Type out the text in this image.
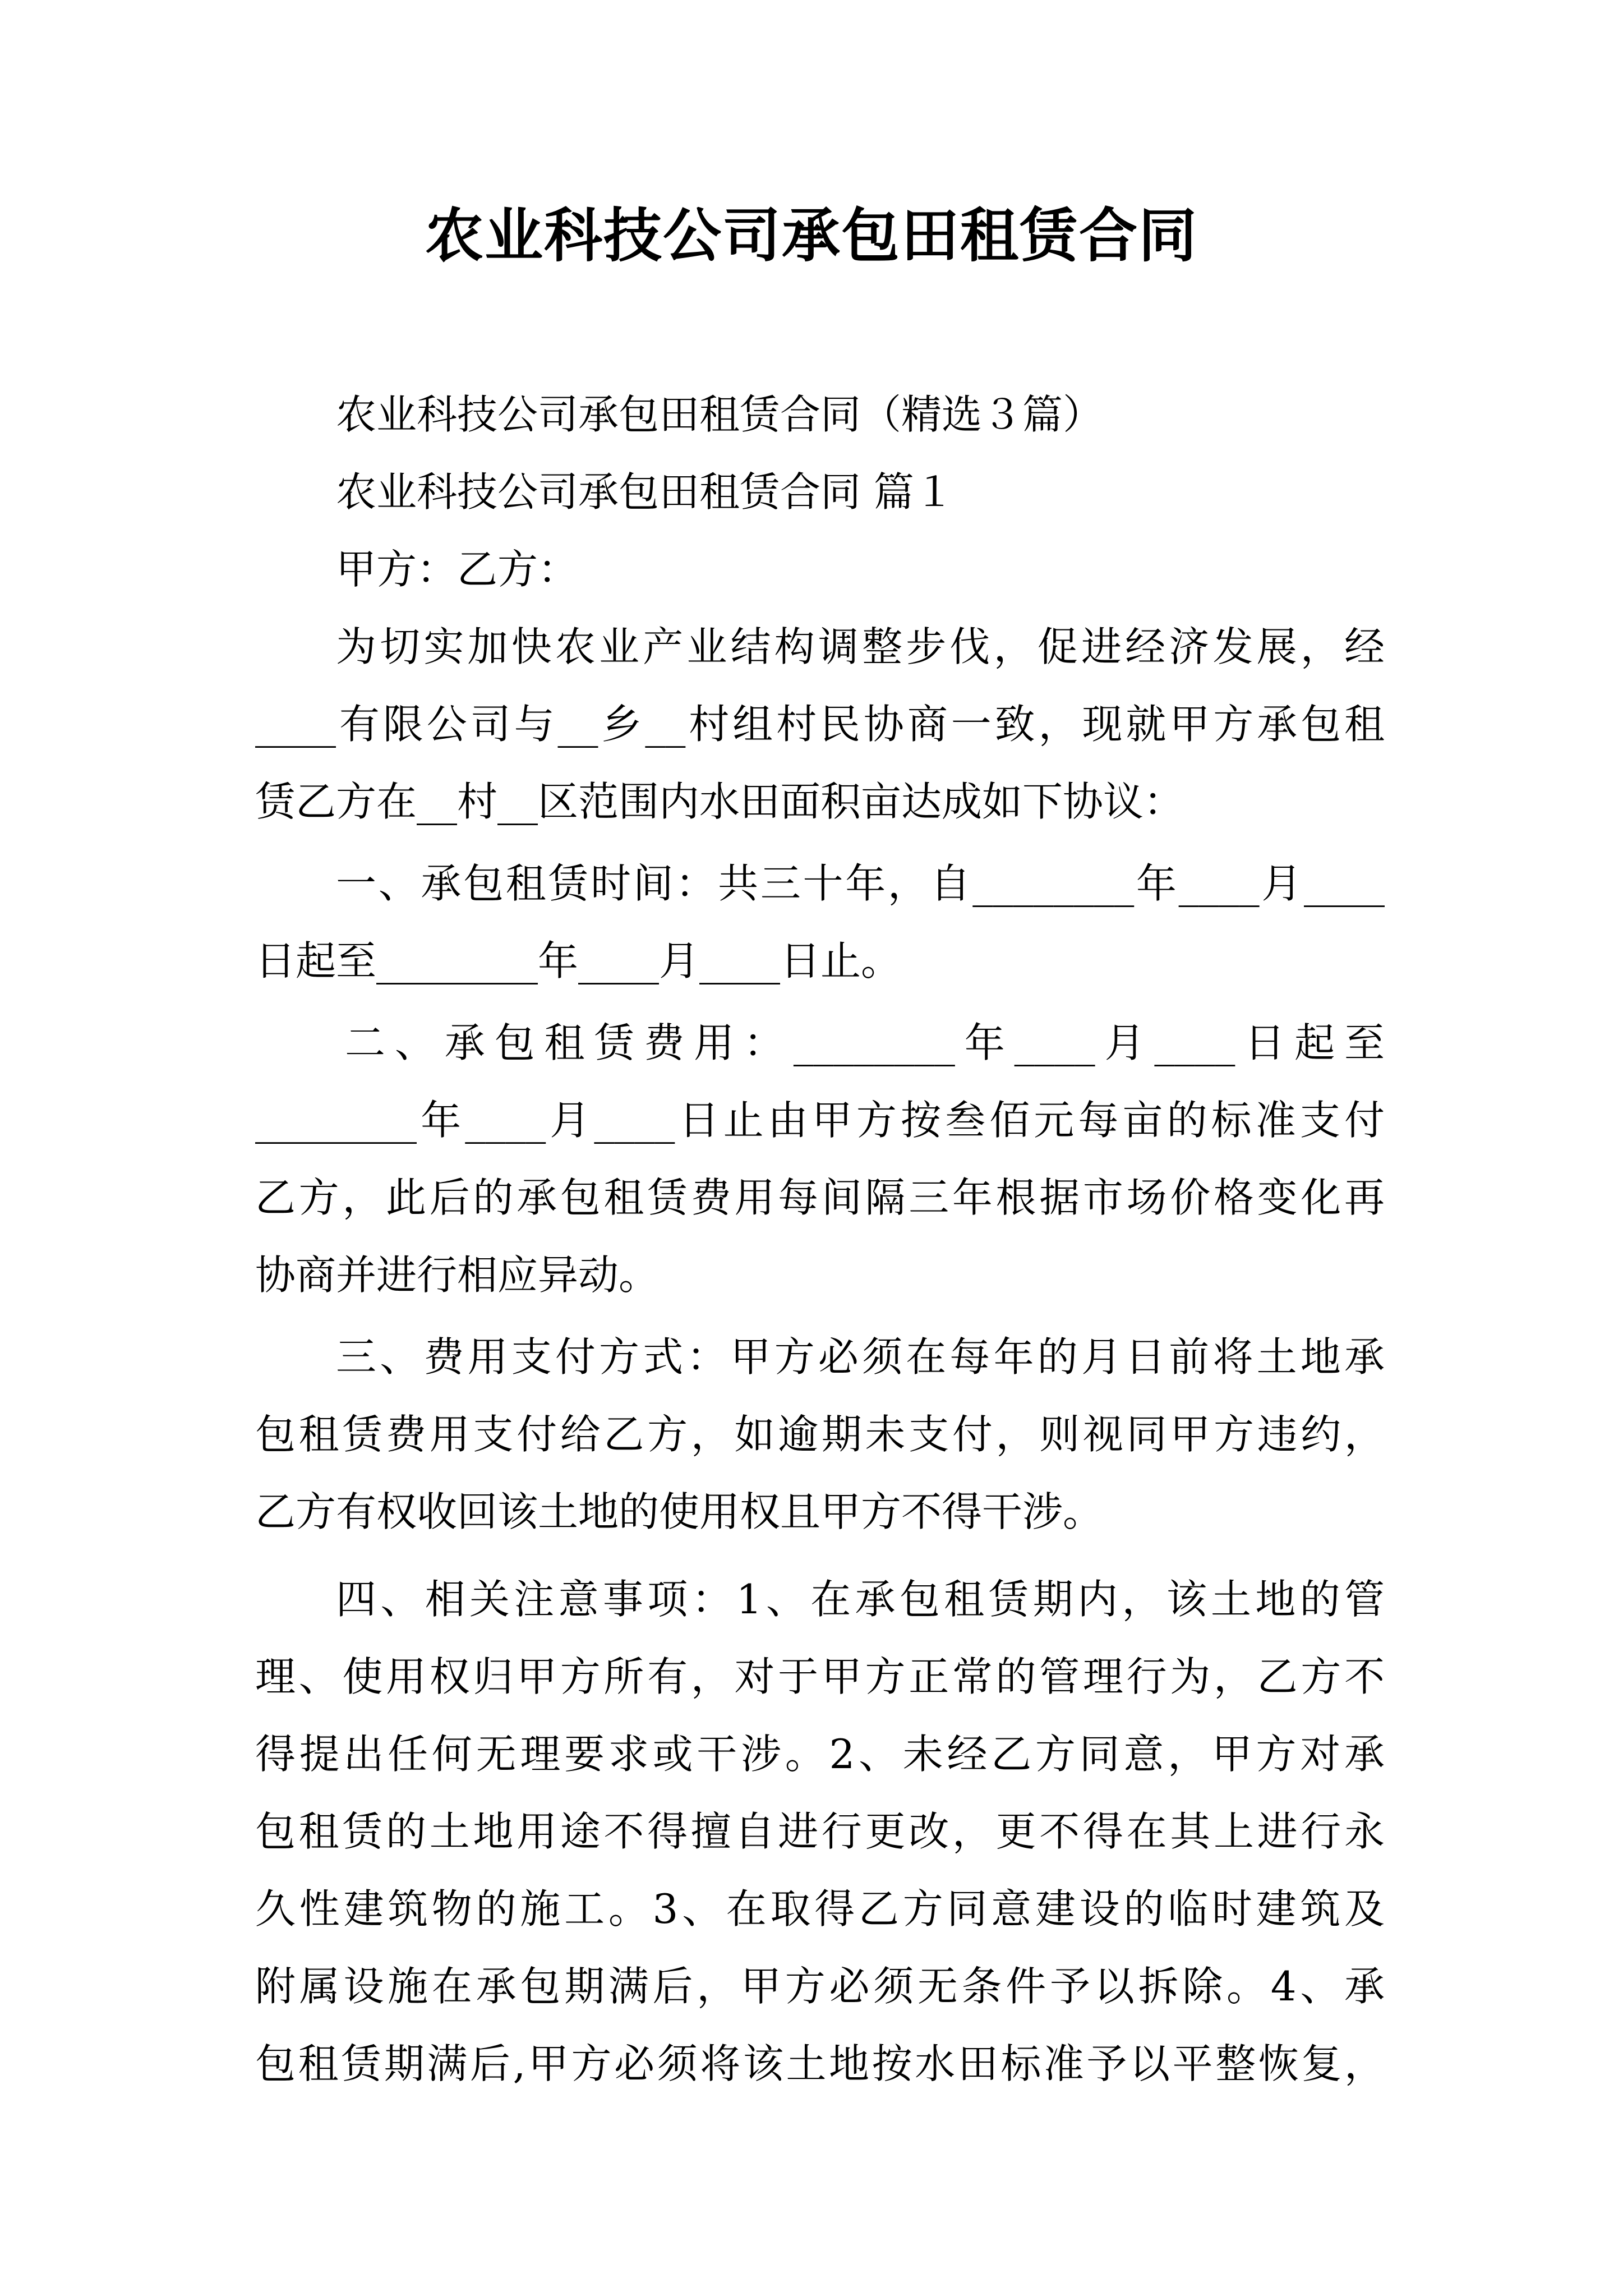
农业科技公司承包田租赁合同
农业科技公司承包田租赁合同（精选３篇）
农业科技公司承包田租赁合同 篇１
甲方：乙方：
为切实加快农业产业结构调整步伐，促进经济发展，经
____有限公司与__乡__村组村民协商一致，现就甲方承包租
赁乙方在__村__区范围内水田面积亩达成如下协议：
一、承包租赁时间：共三十年，自________年____月____
日起至________年____月____日止。
二、承包租赁费用：________年____月____日起至
________年____月____日止由甲方按叁佰元每亩的标准支付
乙方，此后的承包租赁费用每间隔三年根据市场价格变化再
协商并进行相应异动。
三、费用支付方式：甲方必须在每年的月日前将土地承
包租赁费用支付给乙方，如逾期未支付，则视同甲方违约，
乙方有权收回该土地的使用权且甲方不得干涉。
四、相关注意事项：1、在承包租赁期内，该土地的管
理、使用权归甲方所有，对于甲方正常的管理行为，乙方不
得提出任何无理要求或干涉。2、未经乙方同意，甲方对承
包租赁的土地用途不得擅自进行更改，更不得在其上进行永
久性建筑物的施工。3、在取得乙方同意建设的临时建筑及
附属设施在承包期满后，甲方必须无条件予以拆除。4、承
包租赁期满后,甲方必须将该土地按水田标准予以平整恢复，
